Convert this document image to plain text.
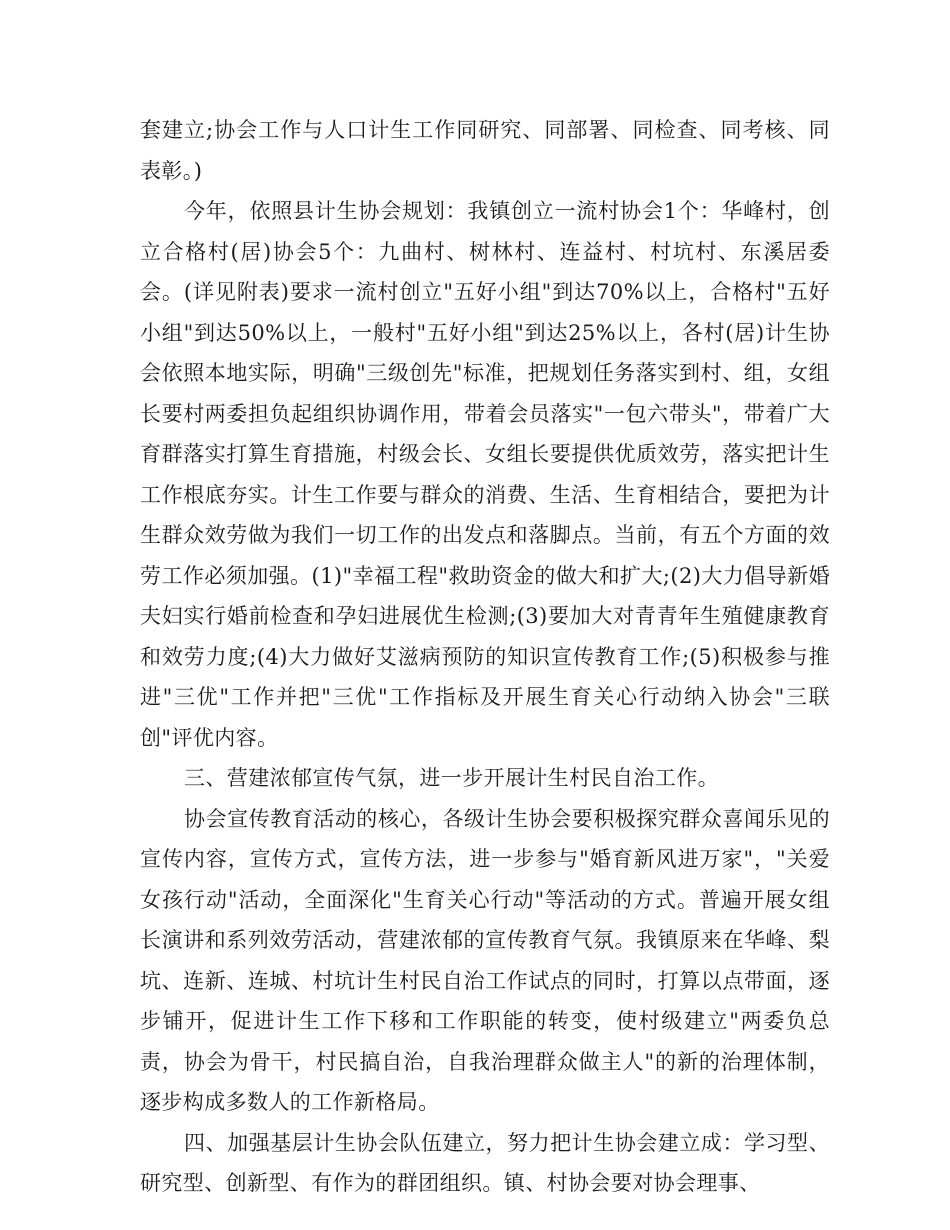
套建立;协会工作与人口计生工作同研究、同部署、同检查、同考核、同表彰。)

今年，依照县计生协会规划：我镇创立一流村协会1个：华峰村，创立合格村(居)协会5个：九曲村、树林村、连益村、村坑村、东溪居委会。(详见附表)要求一流村创立"五好小组"到达70%以上，合格村"五好小组"到达50%以上，一般村"五好小组"到达25%以上，各村(居)计生协会依照本地实际，明确"三级创先"标准，把规划任务落实到村、组，女组长要村两委担负起组织协调作用，带着会员落实"一包六带头"，带着广大育群落实打算生育措施，村级会长、女组长要提供优质效劳，落实把计生工作根底夯实。计生工作要与群众的消费、生活、生育相结合，要把为计生群众效劳做为我们一切工作的出发点和落脚点。当前，有五个方面的效劳工作必须加强。(1)"幸福工程"救助资金的做大和扩大;(2)大力倡导新婚夫妇实行婚前检查和孕妇进展优生检测;(3)要加大对青青年生殖健康教育和效劳力度;(4)大力做好艾滋病预防的知识宣传教育工作;(5)积极参与推进"三优"工作并把"三优"工作指标及开展生育关心行动纳入协会"三联创"评优内容。

三、营建浓郁宣传气氛，进一步开展计生村民自治工作。

协会宣传教育活动的核心，各级计生协会要积极探究群众喜闻乐见的宣传内容，宣传方式，宣传方法，进一步参与"婚育新风进万家"，"关爱女孩行动"活动，全面深化"生育关心行动"等活动的方式。普遍开展女组长演讲和系列效劳活动，营建浓郁的宣传教育气氛。我镇原来在华峰、梨坑、连新、连城、村坑计生村民自治工作试点的同时，打算以点带面，逐步铺开，促进计生工作下移和工作职能的转变，使村级建立"两委负总责，协会为骨干，村民搞自治，自我治理群众做主人"的新的治理体制，逐步构成多数人的工作新格局。

四、加强基层计生协会队伍建立，努力把计生协会建立成：学习型、研究型、创新型、有作为的群团组织。镇、村协会要对协会理事、
